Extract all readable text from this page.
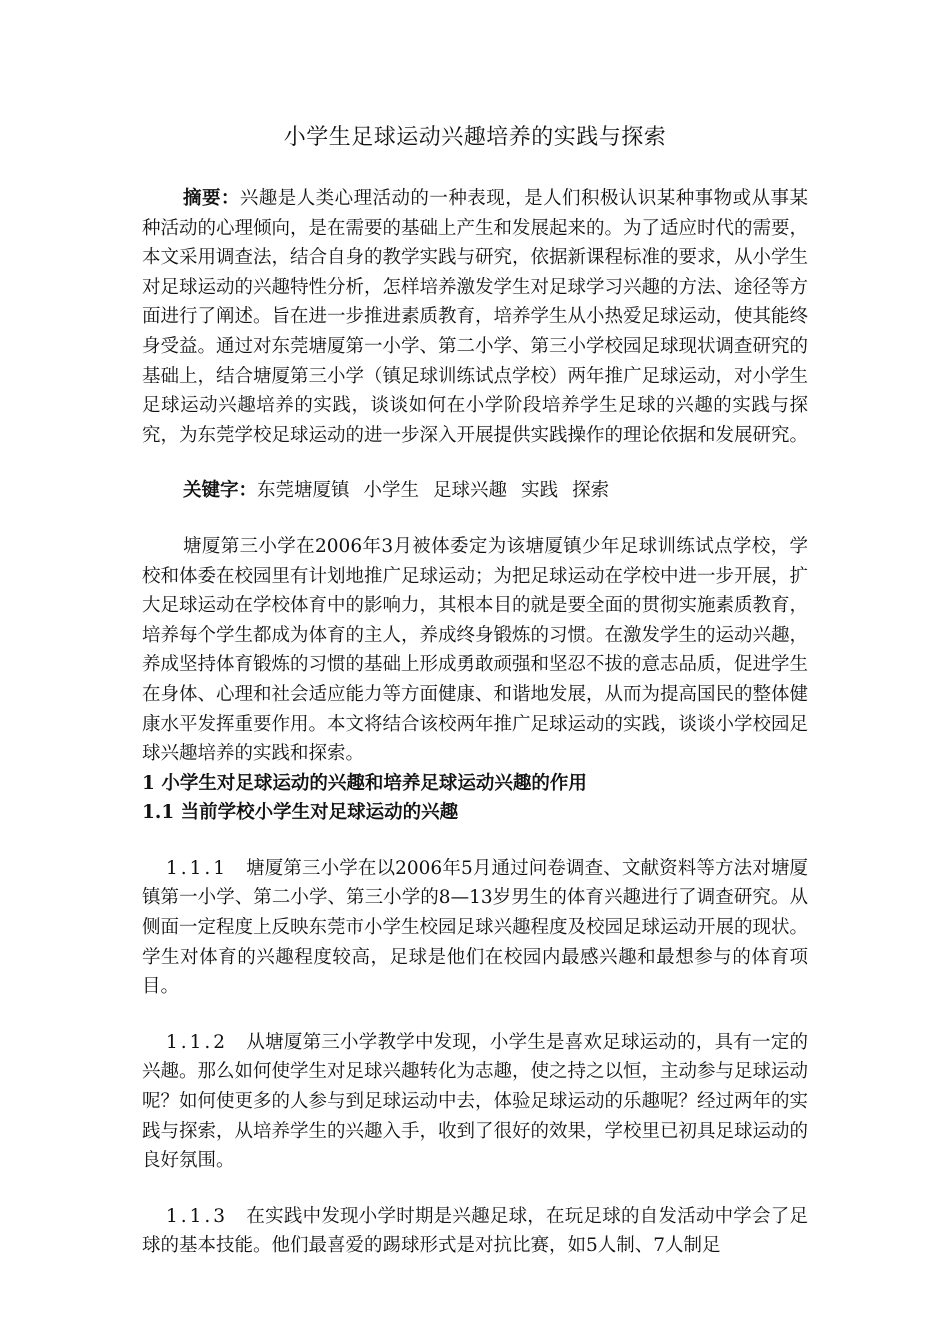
小学生足球运动兴趣培养的实践与探索

摘要：兴趣是人类心理活动的一种表现，是人们积极认识某种事物或从事某种活动的心理倾向，是在需要的基础上产生和发展起来的。为了适应时代的需要，本文采用调查法，结合自身的教学实践与研究，依据新课程标准的要求，从小学生对足球运动的兴趣特性分析，怎样培养激发学生对足球学习兴趣的方法、途径等方面进行了阐述。旨在进一步推进素质教育，培养学生从小热爱足球运动，使其能终身受益。通过对东莞塘厦第一小学、第二小学、第三小学校园足球现状调查研究的基础上，结合塘厦第三小学（镇足球训练试点学校）两年推广足球运动，对小学生足球运动兴趣培养的实践，谈谈如何在小学阶段培养学生足球的兴趣的实践与探究，为东莞学校足球运动的进一步深入开展提供实践操作的理论依据和发展研究。

关键字：东莞塘厦镇 小学生 足球兴趣 实践 探索

塘厦第三小学在2006年3月被体委定为该塘厦镇少年足球训练试点学校，学校和体委在校园里有计划地推广足球运动；为把足球运动在学校中进一步开展，扩大足球运动在学校体育中的影响力，其根本目的就是要全面的贯彻实施素质教育，培养每个学生都成为体育的主人，养成终身锻炼的习惯。在激发学生的运动兴趣，养成坚持体育锻炼的习惯的基础上形成勇敢顽强和坚忍不拔的意志品质，促进学生在身体、心理和社会适应能力等方面健康、和谐地发展，从而为提高国民的整体健康水平发挥重要作用。本文将结合该校两年推广足球运动的实践，谈谈小学校园足球兴趣培养的实践和探索。

1 小学生对足球运动的兴趣和培养足球运动兴趣的作用

1.1 当前学校小学生对足球运动的兴趣

1.1.1 塘厦第三小学在以2006年5月通过问卷调查、文献资料等方法对塘厦镇第一小学、第二小学、第三小学的8—13岁男生的体育兴趣进行了调查研究。从侧面一定程度上反映东莞市小学生校园足球兴趣程度及校园足球运动开展的现状。学生对体育的兴趣程度较高，足球是他们在校园内最感兴趣和最想参与的体育项目。

1.1.2 从塘厦第三小学教学中发现，小学生是喜欢足球运动的，具有一定的兴趣。那么如何使学生对足球兴趣转化为志趣，使之持之以恒，主动参与足球运动呢？如何使更多的人参与到足球运动中去，体验足球运动的乐趣呢？经过两年的实践与探索，从培养学生的兴趣入手，收到了很好的效果，学校里已初具足球运动的良好氛围。

1.1.3 在实践中发现小学时期是兴趣足球，在玩足球的自发活动中学会了足球的基本技能。他们最喜爱的踢球形式是对抗比赛，如5人制、7人制足
